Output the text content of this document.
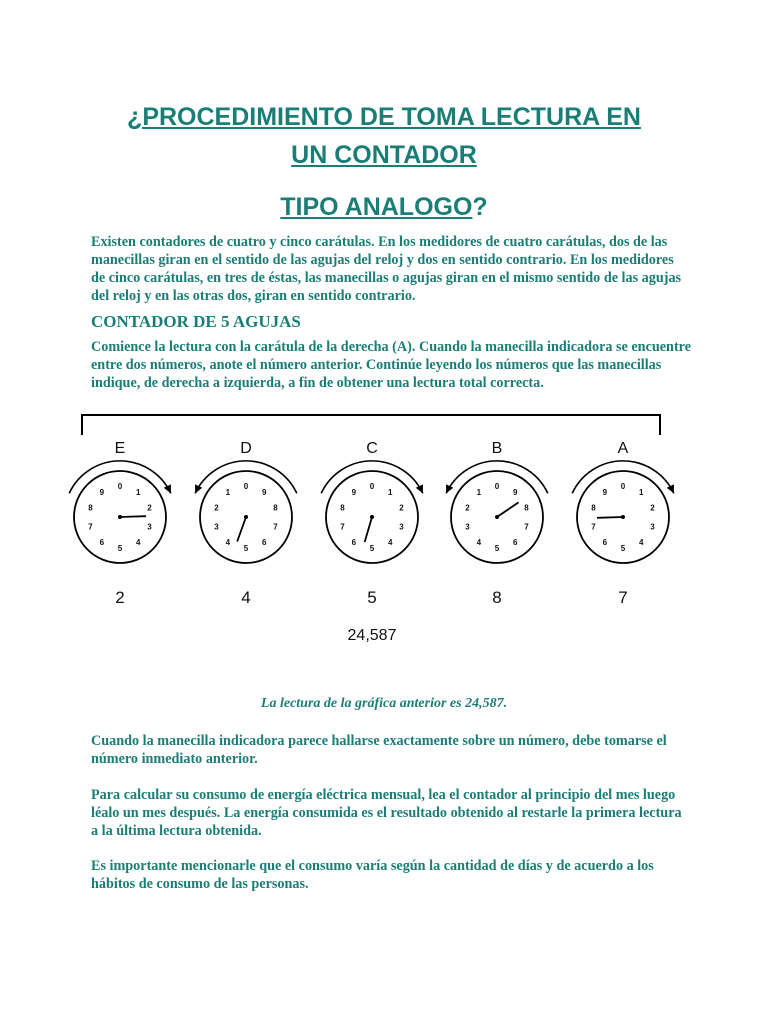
¿PROCEDIMIENTO DE TOMA LECTURA EN
UN CONTADOR
TIPO ANALOGO?

Existen contadores de cuatro y cinco carátulas. En los medidores de cuatro carátulas, dos de las manecillas giran en el sentido de las agujas del reloj y dos en sentido contrario. En los medidores de cinco carátulas, en tres de éstas, las manecillas o agujas giran en el mismo sentido de las agujas del reloj y en las otras dos, giran en sentido contrario.

CONTADOR DE 5 AGUJAS

Comience la lectura con la carátula de la derecha (A). Cuando la manecilla indicadora se encuentre entre dos números, anote el número anterior. Continúe leyendo los números que las manecillas indique, de derecha a izquierda, a fin de obtener una lectura total correcta.

0
1
2
3
4
5
6
7
8
9
E
2
0
1
2
3
4
5
6
7
8
9
D
4
0
1
2
3
4
5
6
7
8
9
C
5
0
1
2
3
4
5
6
7
8
9
B
8
0
1
2
3
4
5
6
7
8
9
A
7
24,587

La lectura de la gráfica anterior es 24,587.

Cuando la manecilla indicadora parece hallarse exactamente sobre un número, debe tomarse el número inmediato anterior.

Para calcular su consumo de energía eléctrica mensual, lea el contador al principio del mes luego léalo un mes después. La energía consumida es el resultado obtenido al restarle la primera lectura a la última lectura obtenida.

Es importante mencionarle que el consumo varía según la cantidad de días y de acuerdo a los hábitos de consumo de las personas.
